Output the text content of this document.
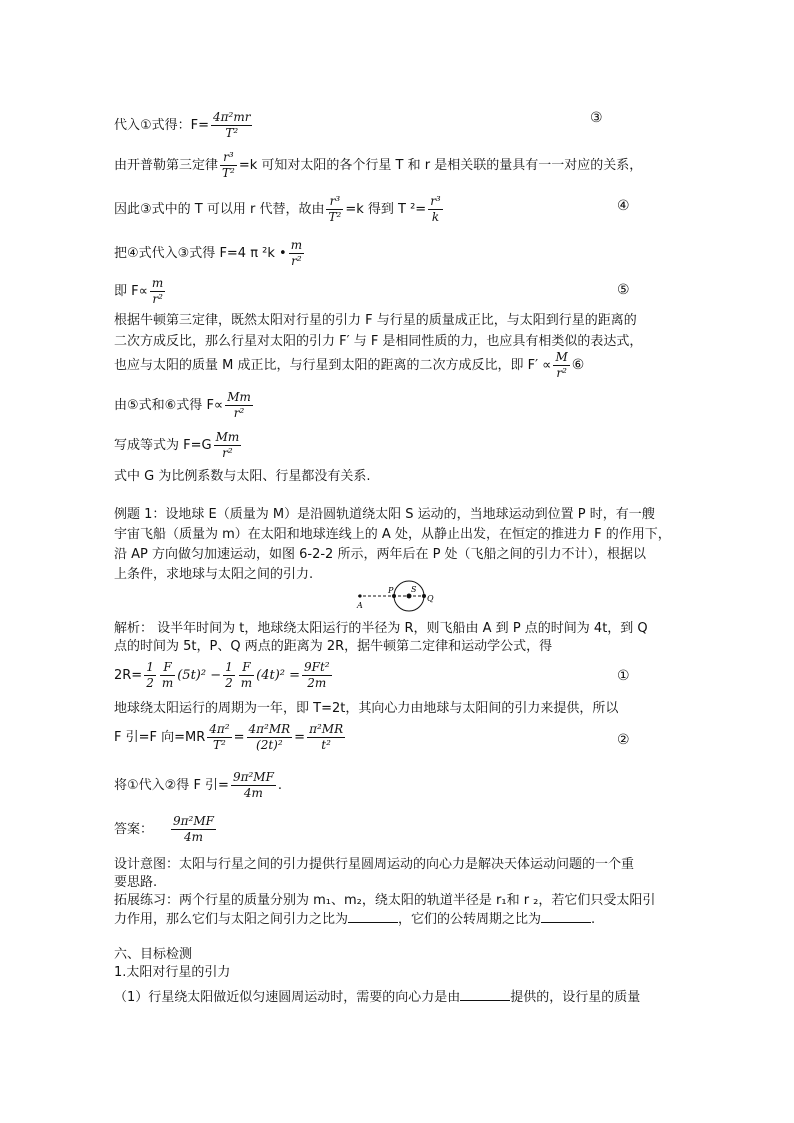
代入①式得：$F= \frac{\text{4π²mr}}{\text{T²}}$	③
由开普勒第三定律 $\frac{\text{r³}}{\text{T²}} =k$ 可知对太阳的各个行星 T 和 r 是相关联的量具有一一对应的关系，
因此③式中的 T 可以用 r 代替，故由 $\frac{\text{r³}}{\text{T²}} =k$ 得到 T $^2= \frac{\text{r³}}{k}$	④
把④式代入③式得 F=4 π ²k • $\frac{m}{\text{r²}}$
即 $F\propto \frac{m}{\text{r²}}$	⑤
根据牛顿第三定律，既然太阳对行星的引力 F 与行星的质量成正比，与太阳到行星的距离的
二次方成反比，那么行星对太阳的引力 F′ 与 F 是相同性质的力，也应具有相类似的表达式，
也应与太阳的质量 M 成正比，与行星到太阳的距离的二次方成反比，即 $F' \propto \frac{M}{\text{r²}}$ ⑥
由⑤式和⑥式得 $F\propto \frac{Mm}{\text{r²}}$
写成等式为 $F=G \frac{Mm}{\text{r²}}$
式中 G 为比例系数与太阳、行星都没有关系.
例题 1：设地球 E（质量为 M）是沿圆轨道绕太阳 S 运动的，当地球运动到位置 P 时，有一艘
宇宙飞船（质量为 m）在太阳和地球连线上的 A 处，从静止出发，在恒定的推进力 F 的作用下，
沿 AP 方向做匀加速运动，如图 6-2-2 所示，两年后在 P 处（飞船之间的引力不计），根据以
上条件，求地球与太阳之间的引力.
A
P S
Q
解析： 设半年时间为 t，地球绕太阳运行的半径为 R，则飞船由 A 到 P 点的时间为 4t，到 Q
点的时间为 5t，P、Q 两点的距离为 2R，据牛顿第二定律和运动学公式，得
$2R= \frac{1}{2} \frac{F}{m} (5t)^2 - \frac{1}{2} \frac{F}{m} (4t)^2 = \frac{\text{9Ft²}}{2m}$	①
地球绕太阳运行的周期为一年，即 T=2t，其向心力由地球与太阳间的引力来提供，所以
F 引=F 向$=MR \frac{\text{4π²}}{\text{T²}} = \frac{\text{4π²MR}}{\text{(2t)²}} = \frac{\text{π²MR}}{\text{t²}}$	②
将①代入②得 F 引= $\frac{\text{9π²MF}}{4m}$ .
答案： $\frac{\text{9π²MF}}{4m}$
设计意图：太阳与行星之间的引力提供行星圆周运动的向心力是解决天体运动问题的一个重
要思路.
拓展练习：两个行星的质量分别为 m₁、m₂，绕太阳的轨道半径是 r₁和 r ₂，若它们只受太阳引
力作用，那么它们与太阳之间引力之比为	，它们的公转周期之比为	.
六、目标检测
1.太阳对行星的引力
（1）行星绕太阳做近似匀速圆周运动时，需要的向心力是由	提供的，设行星的质量
